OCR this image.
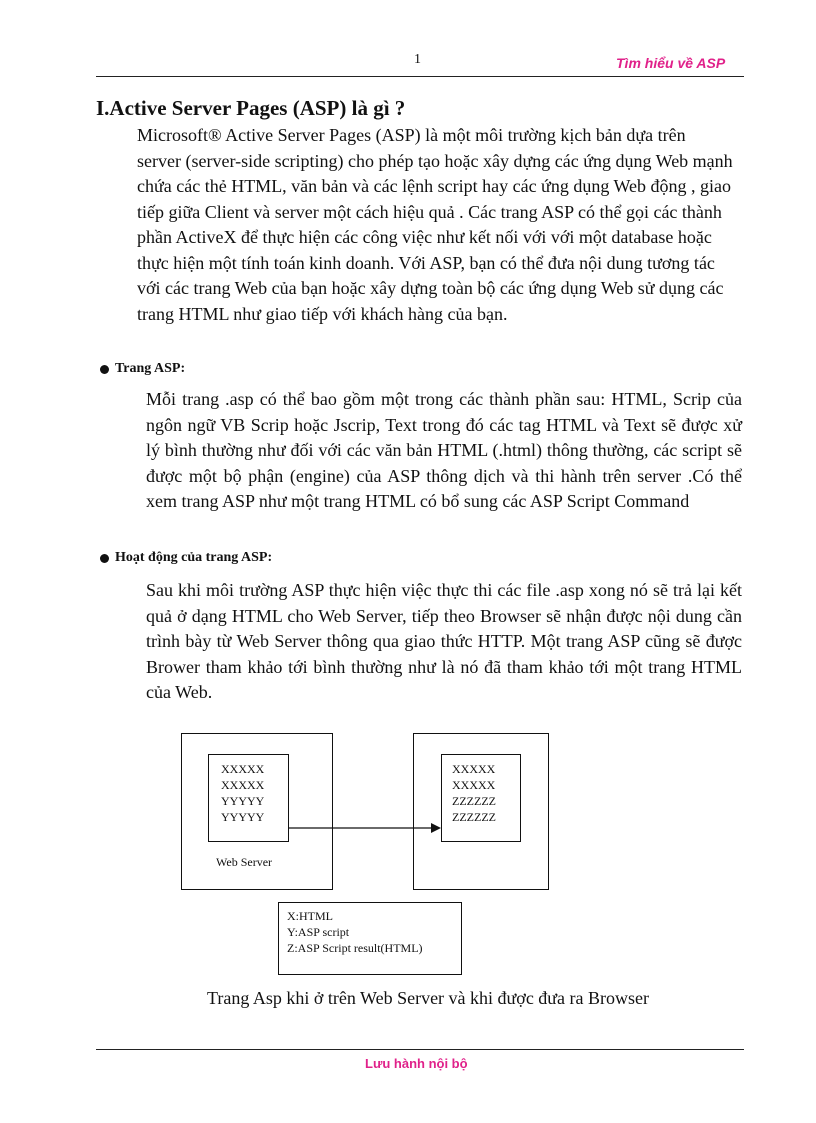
1	Tìm hiểu về ASP
I.Active Server Pages (ASP) là gì ?
Microsoft® Active Server Pages (ASP) là một môi trường kịch bản dựa trên server (server-side scripting) cho phép tạo hoặc xây dựng các ứng dụng Web mạnh chứa các thẻ HTML, văn bản và các lệnh script hay các ứng dụng Web động , giao tiếp giữa Client và server một cách hiệu quả . Các trang ASP có thể gọi các thành phần ActiveX để thực hiện các công việc như kết nối với với một database hoặc thực hiện một tính toán kinh doanh. Với ASP, bạn có thể đưa nội dung tương tác với các trang Web của bạn hoặc xây dựng toàn bộ các ứng dụng Web sử dụng các trang HTML như giao tiếp với khách hàng của bạn.
Trang ASP:
Mỗi trang .asp có thể bao gồm một trong các thành phần sau: HTML, Scrip của ngôn ngữ VB Scrip hoặc Jscrip, Text trong đó các tag HTML và Text sẽ được xử lý bình thường như đối với các văn bản HTML (.html) thông thường, các script sẽ được một bộ phận (engine) của ASP thông dịch và thi hành trên server .Có thể xem trang ASP như một trang HTML có bổ sung các ASP Script Command
Hoạt động của trang ASP:
Sau khi môi trường ASP thực hiện việc thực thi các file .asp xong nó sẽ trả lại kết quả ở dạng HTML cho Web Server, tiếp theo Browser sẽ nhận được nội dung cần trình bày từ Web Server thông qua giao thức HTTP. Một trang ASP cũng sẽ được Brower tham khảo tới bình thường như là nó đã tham khảo tới một trang HTML của Web.
XXXXX
XXXXX
YYYYY
YYYYY
Web Server
XXXXX
XXXXX
ZZZZZZ
ZZZZZZ
X:HTML
Y:ASP script
Z:ASP Script result(HTML)
Trang Asp khi ở trên Web Server và khi được đưa ra Browser
Lưu hành nội bộ
